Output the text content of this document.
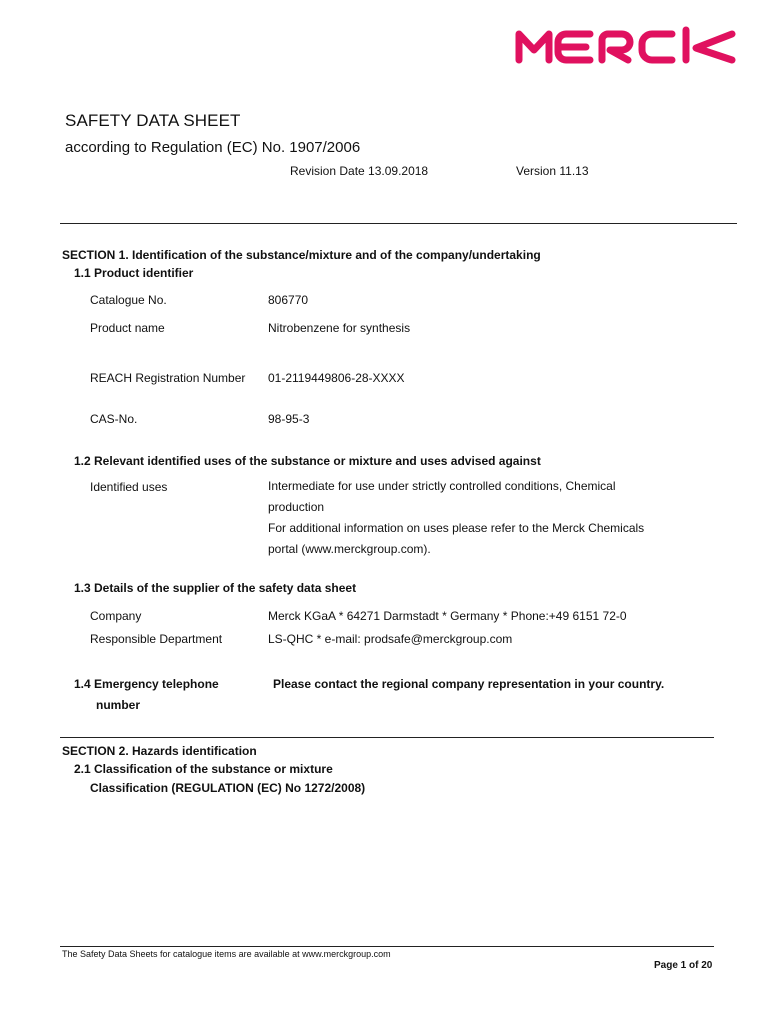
SAFETY DATA SHEET
according to Regulation (EC) No. 1907/2006
Revision Date 13.09.2018	Version 11.13
SECTION 1. Identification of the substance/mixture and of the company/undertaking
1.1 Product identifier
Catalogue No.	806770
Product name	Nitrobenzene for synthesis
REACH Registration Number 01-2119449806-28-XXXX
CAS-No.	98-95-3
1.2 Relevant identified uses of the substance or mixture and uses advised against
Identified uses	Intermediate for use under strictly controlled conditions, Chemical
production
For additional information on uses please refer to the Merck Chemicals
portal (www.merckgroup.com).
1.3 Details of the supplier of the safety data sheet
Company	Merck KGaA * 64271 Darmstadt * Germany * Phone:+49 6151 72-0
Responsible Department	LS-QHC * e-mail: prodsafe@merckgroup.com
1.4 Emergency telephone
number
Please contact the regional company representation in your country.
SECTION 2. Hazards identification
2.1 Classification of the substance or mixture
Classification (REGULATION (EC) No 1272/2008)
The Safety Data Sheets for catalogue items are available at www.merckgroup.com
Page 1 of 20
